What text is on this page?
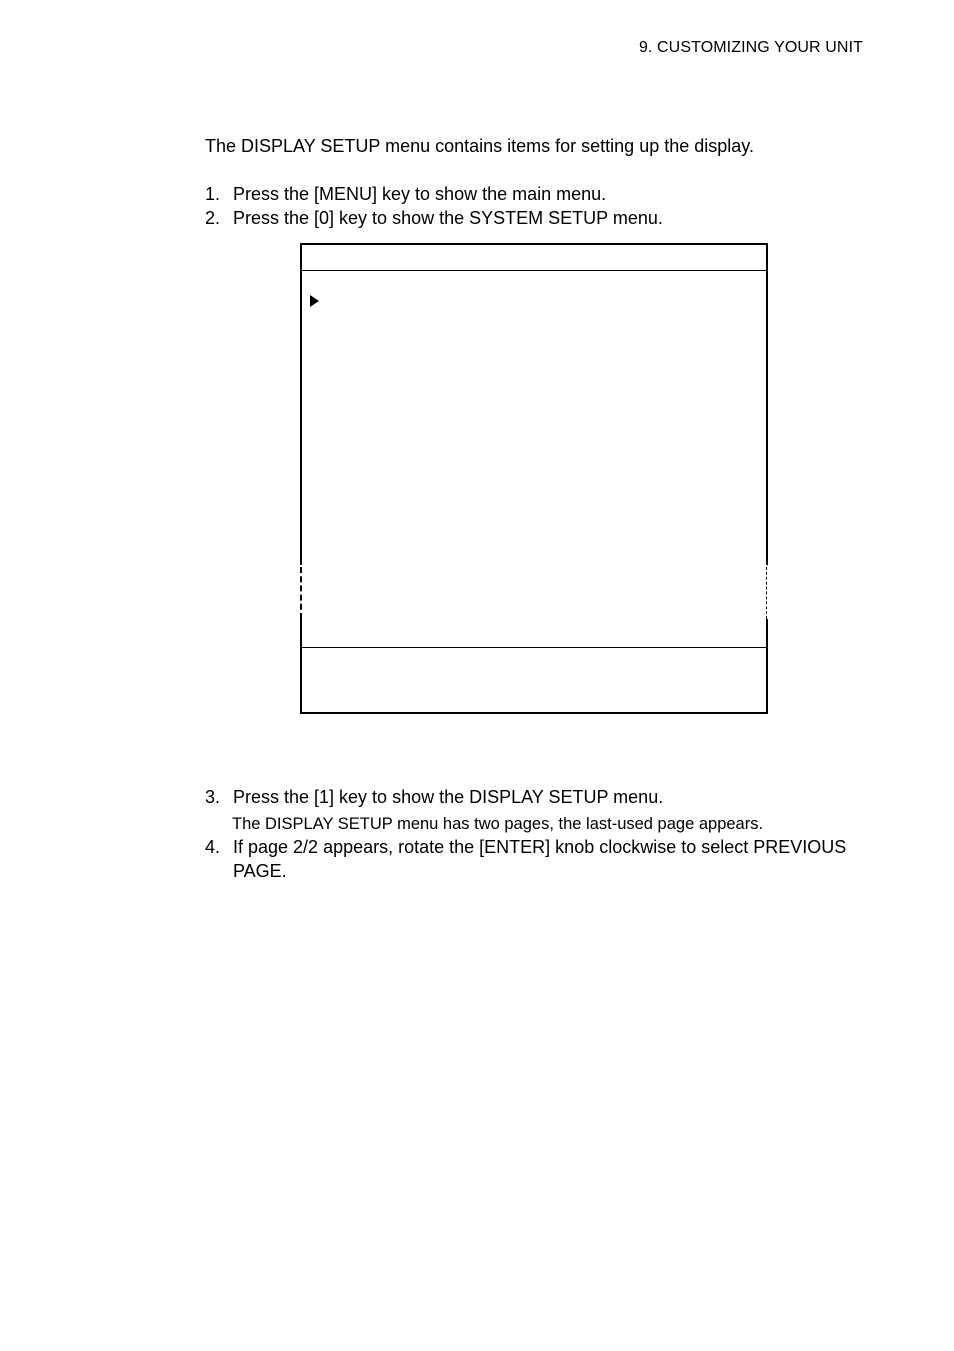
9. CUSTOMIZING YOUR UNIT
The DISPLAY SETUP menu contains items for setting up the display.
1. Press the [MENU] key to show the main menu.
2. Press the [0] key to show the SYSTEM SETUP menu.
3. Press the [1] key to show the DISPLAY SETUP menu.
The DISPLAY SETUP menu has two pages, the last-used page appears.
4. If page 2/2 appears, rotate the [ENTER] knob clockwise to select PREVIOUS
PAGE.
